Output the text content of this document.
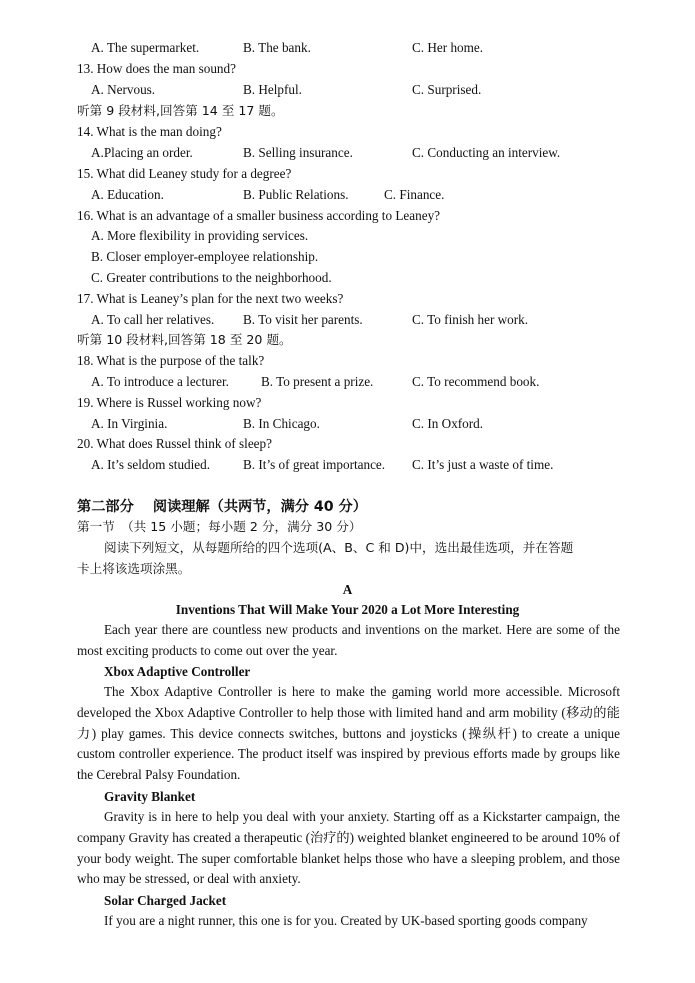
A. The supermarket.	B. The bank.	C. Her home.
13. How does the man sound?
A. Nervous.	B. Helpful.	C. Surprised.
听第 9 段材料,回答第 14 至 17 题。
14. What is the man doing?
A.Placing an order.	B. Selling insurance.	C. Conducting an interview.
15. What did Leaney study for a degree?
A. Education.	B. Public Relations.	C. Finance.
16. What is an advantage of a smaller business according to Leaney?
A. More flexibility in providing services.
B. Closer employer-employee relationship.
C. Greater contributions to the neighborhood.
17. What is Leaney’s plan for the next two weeks?
A. To call her relatives. B. To visit her parents.	C. To finish her work.
听第 10 段材料,回答第 18 至 20 题。
18. What is the purpose of the talk?
A. To introduce a lecturer. B. To present a prize.	C. To recommend book.
19. Where is Russel working now?
A. In Virginia.	B. In Chicago.	C. In Oxford.
20. What does Russel think of sleep?
A. It’s seldom studied. B. It’s of great importance. C. It’s just a waste of time.
第二部分　 阅读理解（共两节，满分 40 分）
第一节　（共 15 小题；每小题 2 分，满分 30 分）
阅读下列短文，从每题所给的四个选项(A、B、C 和 D)中，选出最佳选项，并在答题
卡上将该选项涂黑。
A
Inventions That Will Make Your 2020 a Lot More Interesting
Each year there are countless new products and inventions on the market. Here are some of the most exciting products to come out over the year.
Xbox Adaptive Controller
The Xbox Adaptive Controller is here to make the gaming world more accessible. Microsoft developed the Xbox Adaptive Controller to help those with limited hand and arm mobility (移动的能力) play games. This device connects switches, buttons and joysticks (操纵杆) to create a unique custom controller experience. The product itself was inspired by previous efforts made by groups like the Cerebral Palsy Foundation.
Gravity Blanket
Gravity is in here to help you deal with your anxiety. Starting off as a Kickstarter campaign, the company Gravity has created a therapeutic (治疗的) weighted blanket engineered to be around 10% of your body weight. The super comfortable blanket helps those who have a sleeping problem, and those who may be stressed, or deal with anxiety.
Solar Charged Jacket
If you are a night runner, this one is for you. Created by UK-based sporting goods company
